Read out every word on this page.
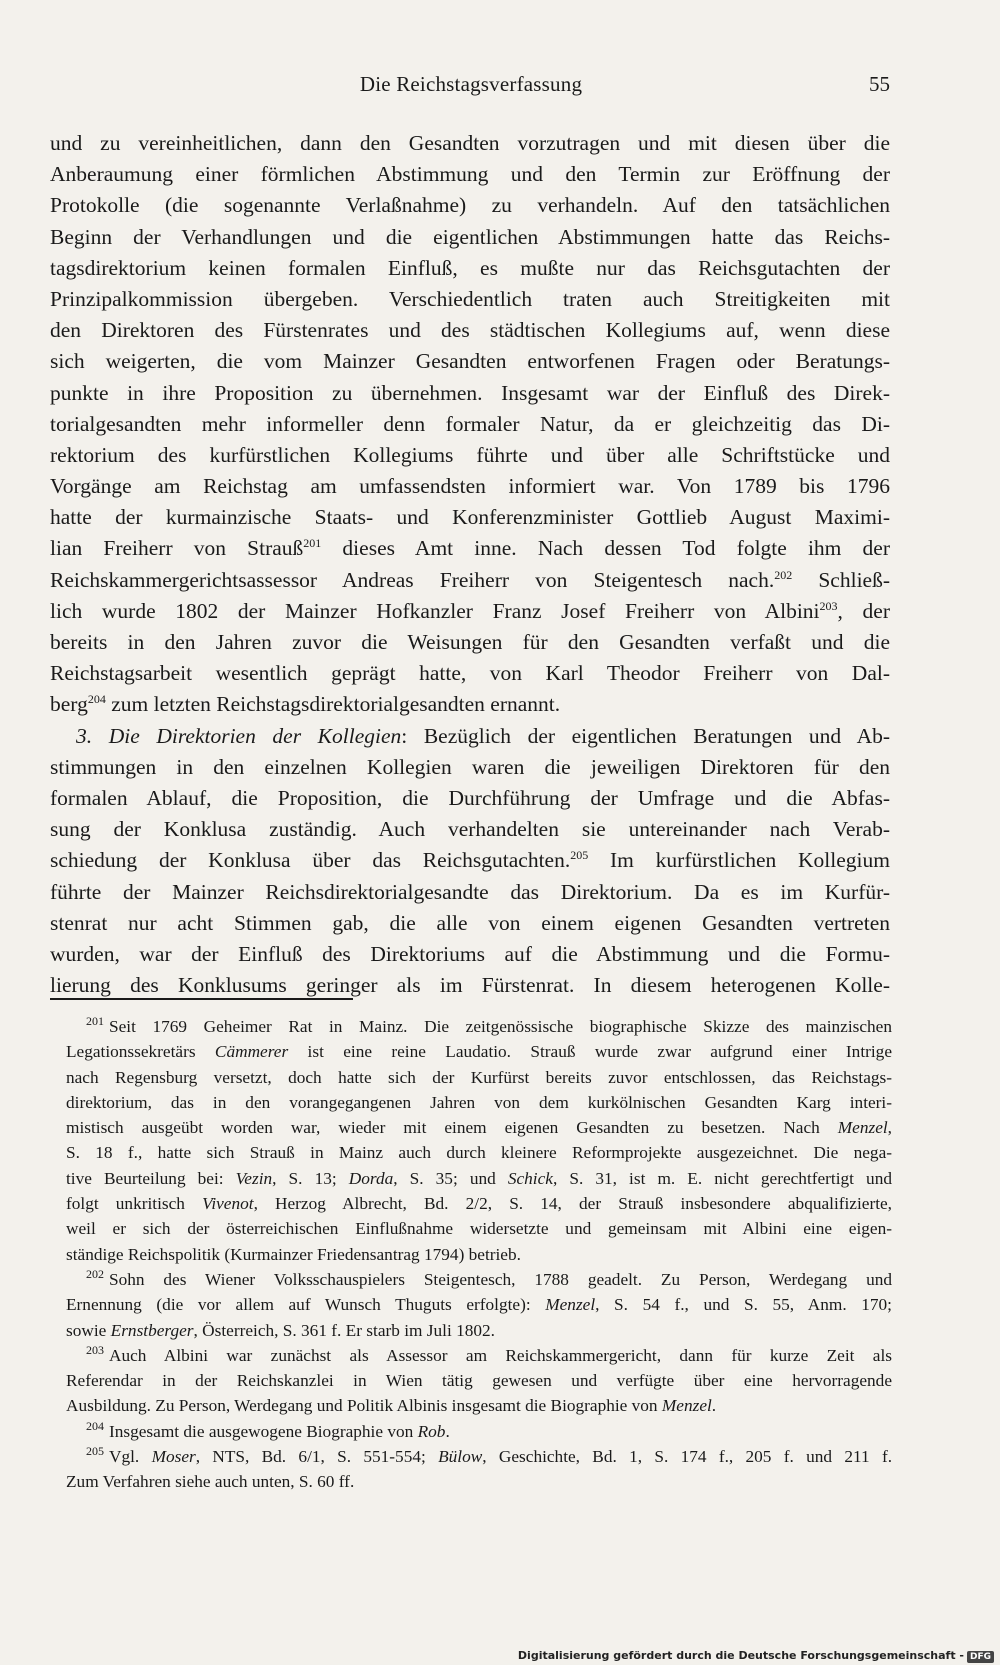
Die Reichstagsverfassung	55
und zu vereinheitlichen, dann den Gesandten vorzutragen und mit diesen über die
Anberaumung einer förmlichen Abstimmung und den Termin zur Eröffnung der
Protokolle (die sogenannte Verlaßnahme) zu verhandeln. Auf den tatsächlichen
Beginn der Verhandlungen und die eigentlichen Abstimmungen hatte das Reichs-
tagsdirektorium keinen formalen Einfluß, es mußte nur das Reichsgutachten der
Prinzipalkommission übergeben. Verschiedentlich traten auch Streitigkeiten mit
den Direktoren des Fürstenrates und des städtischen Kollegiums auf, wenn diese
sich weigerten, die vom Mainzer Gesandten entworfenen Fragen oder Beratungs-
punkte in ihre Proposition zu übernehmen. Insgesamt war der Einfluß des Direk-
torialgesandten mehr informeller denn formaler Natur, da er gleichzeitig das Di-
rektorium des kurfürstlichen Kollegiums führte und über alle Schriftstücke und
Vorgänge am Reichstag am umfassendsten informiert war. Von 1789 bis 1796
hatte der kurmainzische Staats- und Konferenzminister Gottlieb August Maximi-
lian Freiherr von Strauß$^{201}$ dieses Amt inne. Nach dessen Tod folgte ihm der
Reichskammergerichtsassessor Andreas Freiherr von Steigentesch nach.$^{202}$ Schließ-
lich wurde 1802 der Mainzer Hofkanzler Franz Josef Freiherr von Albini$^{203}$, der
bereits in den Jahren zuvor die Weisungen für den Gesandten verfaßt und die
Reichstagsarbeit wesentlich geprägt hatte, von Karl Theodor Freiherr von Dal-
berg$^{204}$ zum letzten Reichstagsdirektorialgesandten ernannt.
3. Die Direktorien der Kollegien: Bezüglich der eigentlichen Beratungen und Ab-
stimmungen in den einzelnen Kollegien waren die jeweiligen Direktoren für den
formalen Ablauf, die Proposition, die Durchführung der Umfrage und die Abfas-
sung der Konklusa zuständig. Auch verhandelten sie untereinander nach Verab-
schiedung der Konklusa über das Reichsgutachten.$^{205}$ Im kurfürstlichen Kollegium
führte der Mainzer Reichsdirektorialgesandte das Direktorium. Da es im Kurfür-
stenrat nur acht Stimmen gab, die alle von einem eigenen Gesandten vertreten
wurden, war der Einfluß des Direktoriums auf die Abstimmung und die Formu-
lierung des Konklusums geringer als im Fürstenrat. In diesem heterogenen Kolle-
$^{201}$ Seit 1769 Geheimer Rat in Mainz. Die zeitgenössische biographische Skizze des mainzischen
Legationssekretärs Cämmerer ist eine reine Laudatio. Strauß wurde zwar aufgrund einer Intrige
nach Regensburg versetzt, doch hatte sich der Kurfürst bereits zuvor entschlossen, das Reichstags-
direktorium, das in den vorangegangenen Jahren von dem kurkölnischen Gesandten Karg interi-
mistisch ausgeübt worden war, wieder mit einem eigenen Gesandten zu besetzen. Nach Menzel,
S. 18 f., hatte sich Strauß in Mainz auch durch kleinere Reformprojekte ausgezeichnet. Die nega-
tive Beurteilung bei: Vezin, S. 13; Dorda, S. 35; und Schick, S. 31, ist m. E. nicht gerechtfertigt und
folgt unkritisch Vivenot, Herzog Albrecht, Bd. 2/2, S. 14, der Strauß insbesondere abqualifizierte,
weil er sich der österreichischen Einflußnahme widersetzte und gemeinsam mit Albini eine eigen-
ständige Reichspolitik (Kurmainzer Friedensantrag 1794) betrieb.
$^{202}$ Sohn des Wiener Volksschauspielers Steigentesch, 1788 geadelt. Zu Person, Werdegang und
Ernennung (die vor allem auf Wunsch Thuguts erfolgte): Menzel, S. 54 f., und S. 55, Anm. 170;
sowie Ernstberger, Österreich, S. 361 f. Er starb im Juli 1802.
$^{203}$ Auch Albini war zunächst als Assessor am Reichskammergericht, dann für kurze Zeit als
Referendar in der Reichskanzlei in Wien tätig gewesen und verfügte über eine hervorragende
Ausbildung. Zu Person, Werdegang und Politik Albinis insgesamt die Biographie von Menzel.
$^{204}$ Insgesamt die ausgewogene Biographie von Rob.
$^{205}$ Vgl. Moser, NTS, Bd. 6/1, S. 551-554; Bülow, Geschichte, Bd. 1, S. 174 f., 205 f. und 211 f.
Zum Verfahren siehe auch unten, S. 60 ff.
Digitalisierung gefördert durch die Deutsche Forschungsgemeinschaft - DFG
